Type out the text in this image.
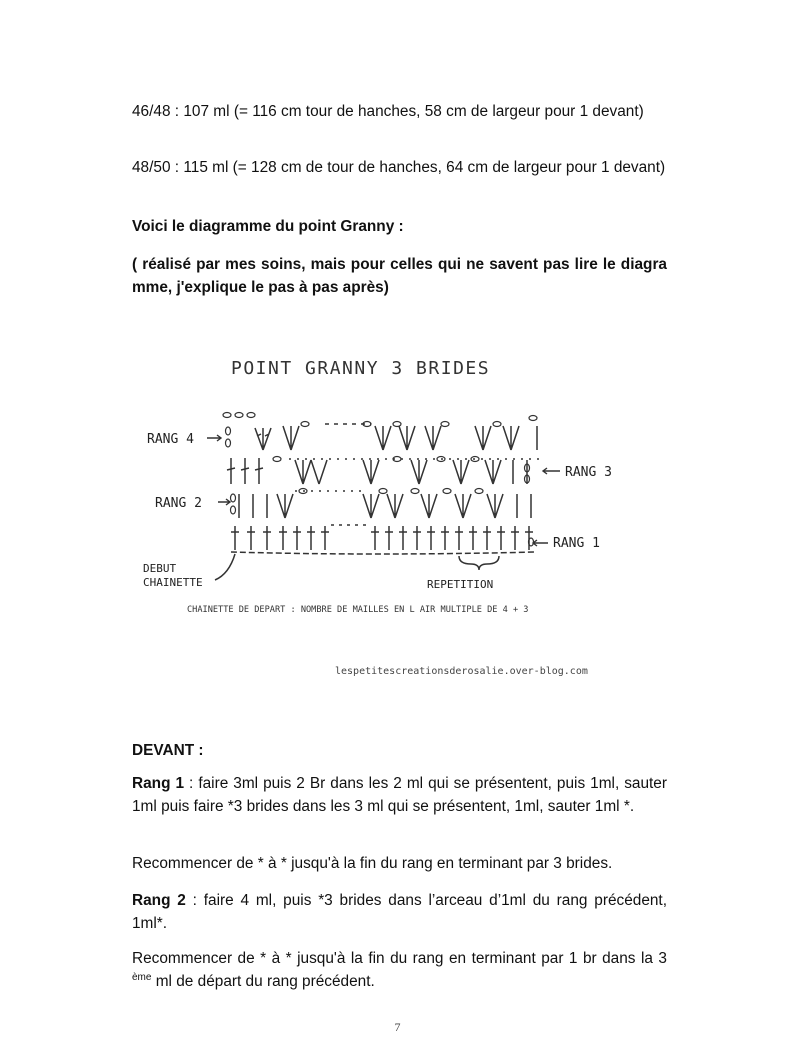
46/48 : 107 ml (= 116 cm tour de hanches, 58 cm de largeur pour 1 devant)

48/50 : 115 ml (= 128 cm de tour de hanches, 64 cm de largeur pour 1 devant)

Voici le diagramme du point Granny :

( réalisé par mes soins, mais pour celles qui ne savent pas lire le diagra mme, j'explique le pas à pas après)

POINT GRANNY 3 BRIDES
RANG 4
RANG 3
RANG 2
RANG 1
DEBUT
CHAINETTE	REPETITION
CHAINETTE DE DEPART : NOMBRE DE MAILLES EN L AIR MULTIPLE DE 4 + 3
lespetitescreationsderosalie.over-blog.com

DEVANT :

Rang 1 : faire 3ml puis 2 Br dans les 2 ml qui se présentent, puis 1ml, sauter 1ml puis faire *3 brides dans les 3 ml qui se présentent, 1ml, sauter 1ml *.

Recommencer de * à * jusqu'à la fin du rang en terminant par 3 brides.

Rang 2 : faire 4 ml, puis *3 brides dans l’arceau d’1ml du rang précédent, 1ml*.

Recommencer de * à * jusqu'à la fin du rang en terminant par 1 br dans la 3 $^{ème}$ ml de départ du rang précédent.

7
